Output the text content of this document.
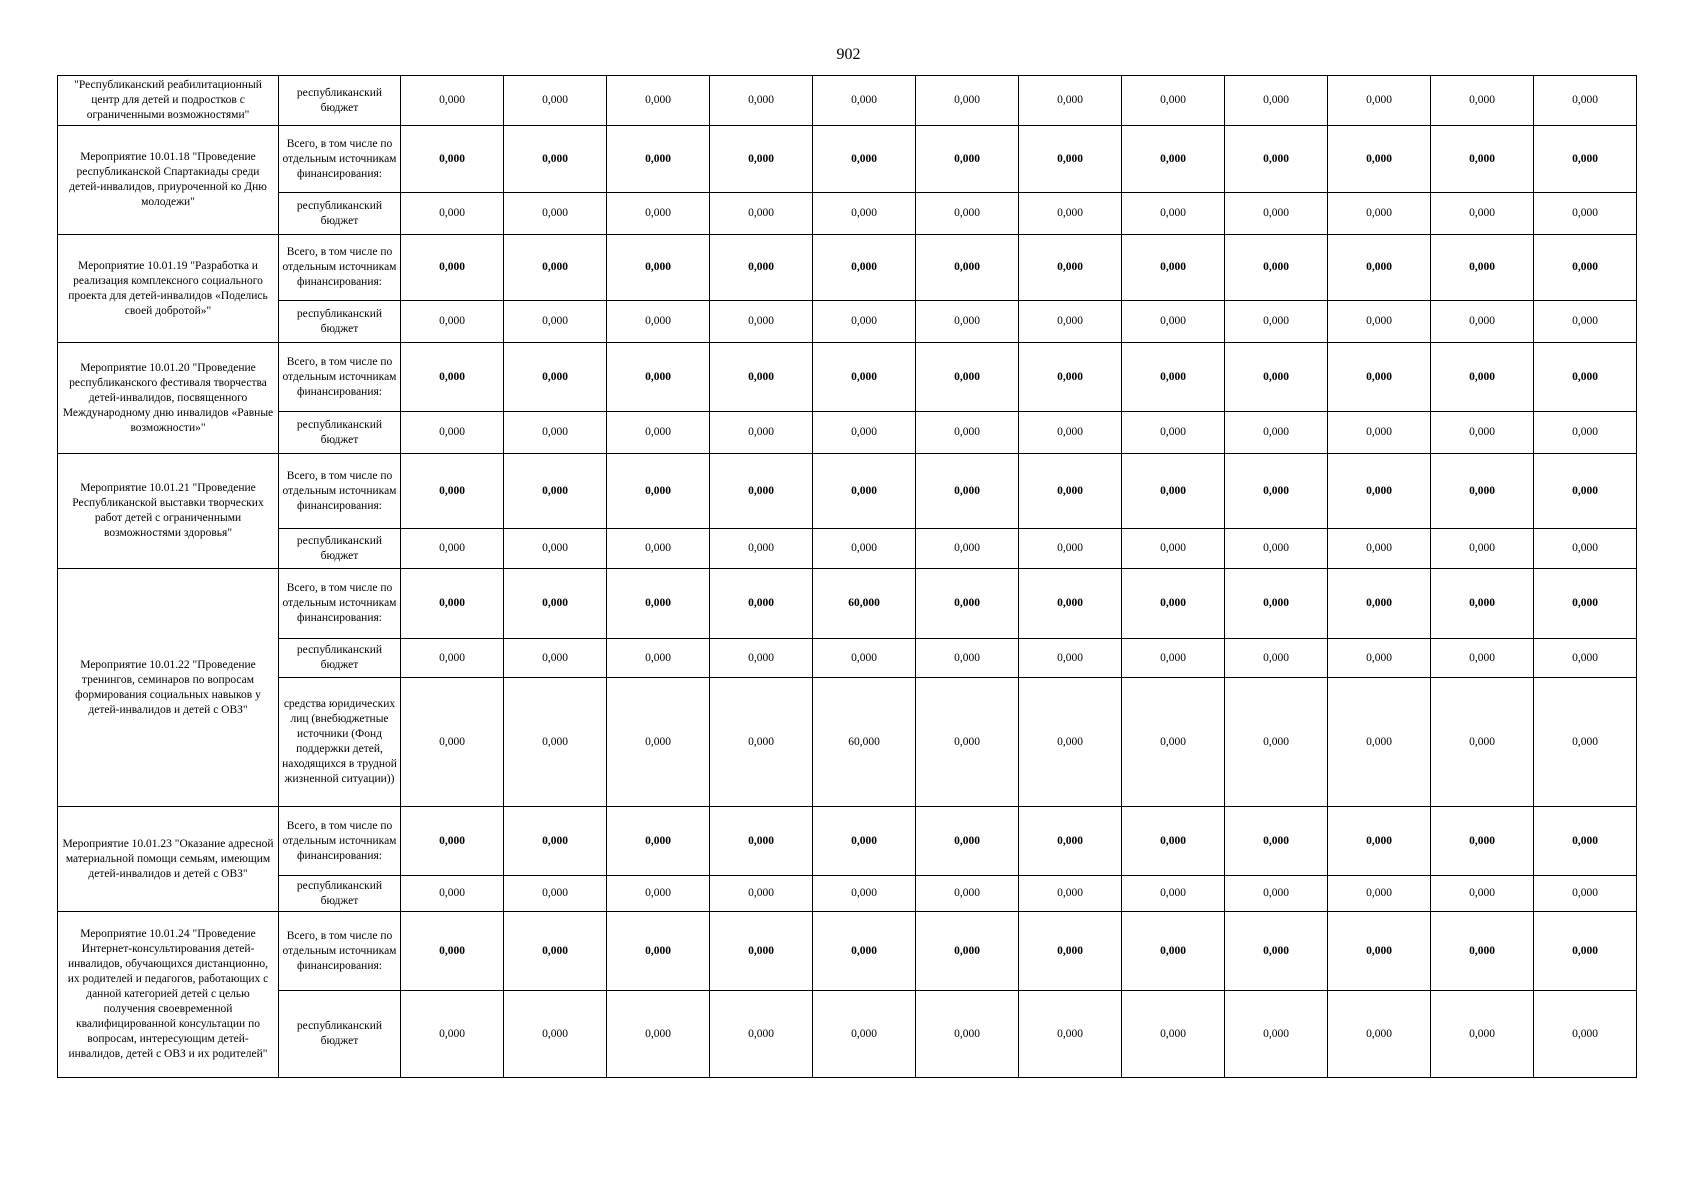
902
"Республиканский реабилитационный центр для детей и подростков с ограниченными возможностями"	республиканский бюджет	0,000	0,000	0,000	0,000	0,000	0,000	0,000	0,000	0,000	0,000	0,000	0,000
Мероприятие 10.01.18 "Проведение республиканской Спартакиады среди детей-инвалидов, приуроченной ко Дню молодежи"	Всего, в том числе по отдельным источникам финансирования:	0,000	0,000	0,000	0,000	0,000	0,000	0,000	0,000	0,000	0,000	0,000	0,000
	республиканский бюджет	0,000	0,000	0,000	0,000	0,000	0,000	0,000	0,000	0,000	0,000	0,000	0,000
Мероприятие 10.01.19 "Разработка и реализация комплексного социального проекта для детей-инвалидов «Поделись своей добротой»"	Всего, в том числе по отдельным источникам финансирования:	0,000	0,000	0,000	0,000	0,000	0,000	0,000	0,000	0,000	0,000	0,000	0,000
	республиканский бюджет	0,000	0,000	0,000	0,000	0,000	0,000	0,000	0,000	0,000	0,000	0,000	0,000
Мероприятие 10.01.20 "Проведение республиканского фестиваля творчества детей-инвалидов, посвященного Международному дню инвалидов «Равные возможности»"	Всего, в том числе по отдельным источникам финансирования:	0,000	0,000	0,000	0,000	0,000	0,000	0,000	0,000	0,000	0,000	0,000	0,000
	республиканский бюджет	0,000	0,000	0,000	0,000	0,000	0,000	0,000	0,000	0,000	0,000	0,000	0,000
Мероприятие 10.01.21 "Проведение Республиканской выставки творческих работ детей с ограниченными возможностями здоровья"	Всего, в том числе по отдельным источникам финансирования:	0,000	0,000	0,000	0,000	0,000	0,000	0,000	0,000	0,000	0,000	0,000	0,000
	республиканский бюджет	0,000	0,000	0,000	0,000	0,000	0,000	0,000	0,000	0,000	0,000	0,000	0,000
Мероприятие 10.01.22 "Проведение тренингов, семинаров по вопросам формирования социальных навыков у детей-инвалидов и детей с ОВЗ"	Всего, в том числе по отдельным источникам финансирования:	0,000	0,000	0,000	0,000	60,000	0,000	0,000	0,000	0,000	0,000	0,000	0,000
	республиканский бюджет	0,000	0,000	0,000	0,000	0,000	0,000	0,000	0,000	0,000	0,000	0,000	0,000
	средства юридических лиц (внебюджетные источники (Фонд поддержки детей, находящихся в трудной жизненной ситуации))	0,000	0,000	0,000	0,000	60,000	0,000	0,000	0,000	0,000	0,000	0,000	0,000
Мероприятие 10.01.23 "Оказание адресной материальной помощи семьям, имеющим детей-инвалидов и детей с ОВЗ"	Всего, в том числе по отдельным источникам финансирования:	0,000	0,000	0,000	0,000	0,000	0,000	0,000	0,000	0,000	0,000	0,000	0,000
	республиканский бюджет	0,000	0,000	0,000	0,000	0,000	0,000	0,000	0,000	0,000	0,000	0,000	0,000
Мероприятие 10.01.24 "Проведение Интернет-консультирования детей-инвалидов, обучающихся дистанционно, их родителей и педагогов, работающих с данной категорией детей с целью получения своевременной квалифицированной консультации по вопросам, интересующим детей-инвалидов, детей с ОВЗ и их родителей"	Всего, в том числе по отдельным источникам финансирования:	0,000	0,000	0,000	0,000	0,000	0,000	0,000	0,000	0,000	0,000	0,000	0,000
	республиканский бюджет	0,000	0,000	0,000	0,000	0,000	0,000	0,000	0,000	0,000	0,000	0,000	0,000
